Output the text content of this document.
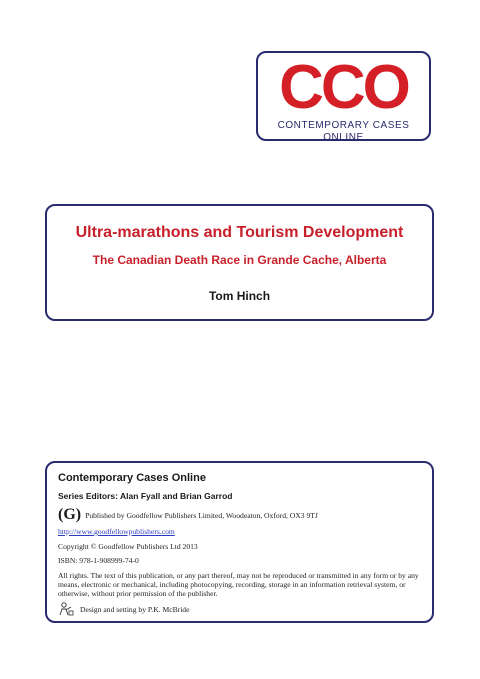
CCO
CONTEMPORARY CASES ONLINE
Ultra-marathons and Tourism Development
The Canadian Death Race in Grande Cache, Alberta
Tom Hinch
Contemporary Cases Online
Series Editors: Alan Fyall and Brian Garrod
(G) Published by Goodfellow Publishers Limited, Woodeaton, Oxford, OX3 9TJ
http://www.goodfellowpublishers.com
Copyright © Goodfellow Publishers Ltd 2013
ISBN: 978-1-908999-74-0
All rights. The text of this publication, or any part thereof, may not be reproduced or transmitted in any form or by any means, electronic or mechanical, including photocopying, recording, storage in an information retrieval system, or otherwise, without prior permission of the publisher.
Design and setting by P.K. McBride
